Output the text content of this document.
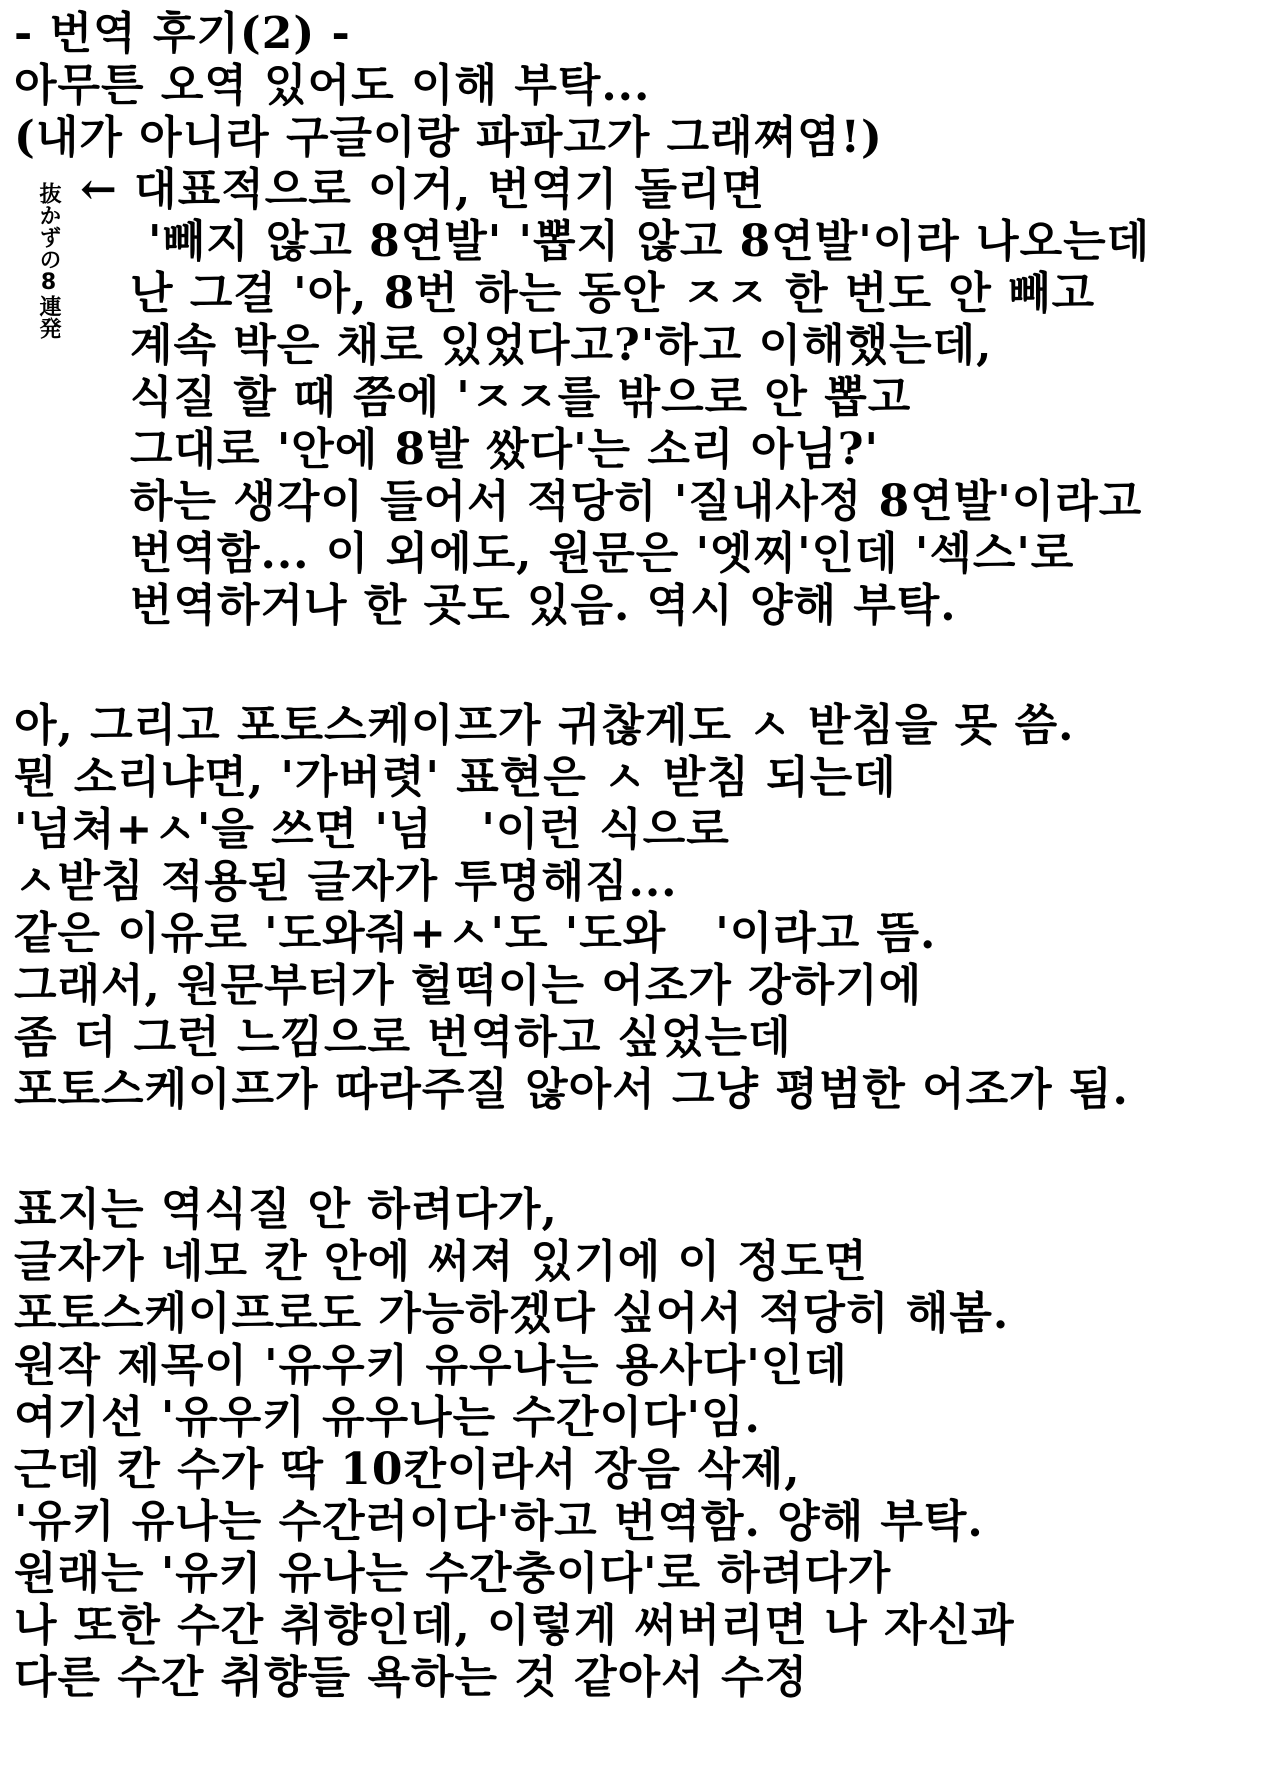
- 번역 후기(2) -
아무튼 오역 있어도 이해 부탁...
(내가 아니라 구글이랑 파파고가 그래쪄염!)
抜かずの8連発 ← 대표적으로 이거, 번역기 돌리면
'빼지 않고 8연발' '뽑지 않고 8연발'이라 나오는데
난 그걸 '아, 8번 하는 동안 ㅈㅈ 한 번도 안 빼고
계속 박은 채로 있었다고?'하고 이해했는데,
식질 할 때 쯤에 'ㅈㅈ를 밖으로 안 뽑고
그대로 '안에 8발 쌌다'는 소리 아님?'
하는 생각이 들어서 적당히 '질내사정 8연발'이라고
번역함... 이 외에도, 원문은 '엣찌'인데 '섹스'로
번역하거나 한 곳도 있음. 역시 양해 부탁.
아, 그리고 포토스케이프가 귀찮게도 ㅅ 받침을 못 씀.
뭔 소리냐면, '가버렷' 표현은 ㅅ 받침 되는데
'넘쳐+ㅅ'을 쓰면 '넘   '이런 식으로
ㅅ받침 적용된 글자가 투명해짐...
같은 이유로 '도와줘+ㅅ'도 '도와   '이라고 뜸.
그래서, 원문부터가 헐떡이는 어조가 강하기에
좀 더 그런 느낌으로 번역하고 싶었는데
포토스케이프가 따라주질 않아서 그냥 평범한 어조가 됨.
표지는 역식질 안 하려다가,
글자가 네모 칸 안에 써져 있기에 이 정도면
포토스케이프로도 가능하겠다 싶어서 적당히 해봄.
원작 제목이 '유우키 유우나는 용사다'인데
여기선 '유우키 유우나는 수간이다'임.
근데 칸 수가 딱 10칸이라서 장음 삭제,
'유키 유나는 수간러이다'하고 번역함. 양해 부탁.
원래는 '유키 유나는 수간충이다'로 하려다가
나 또한 수간 취향인데, 이렇게 써버리면 나 자신과
다른 수간 취향들 욕하는 것 같아서 수정
